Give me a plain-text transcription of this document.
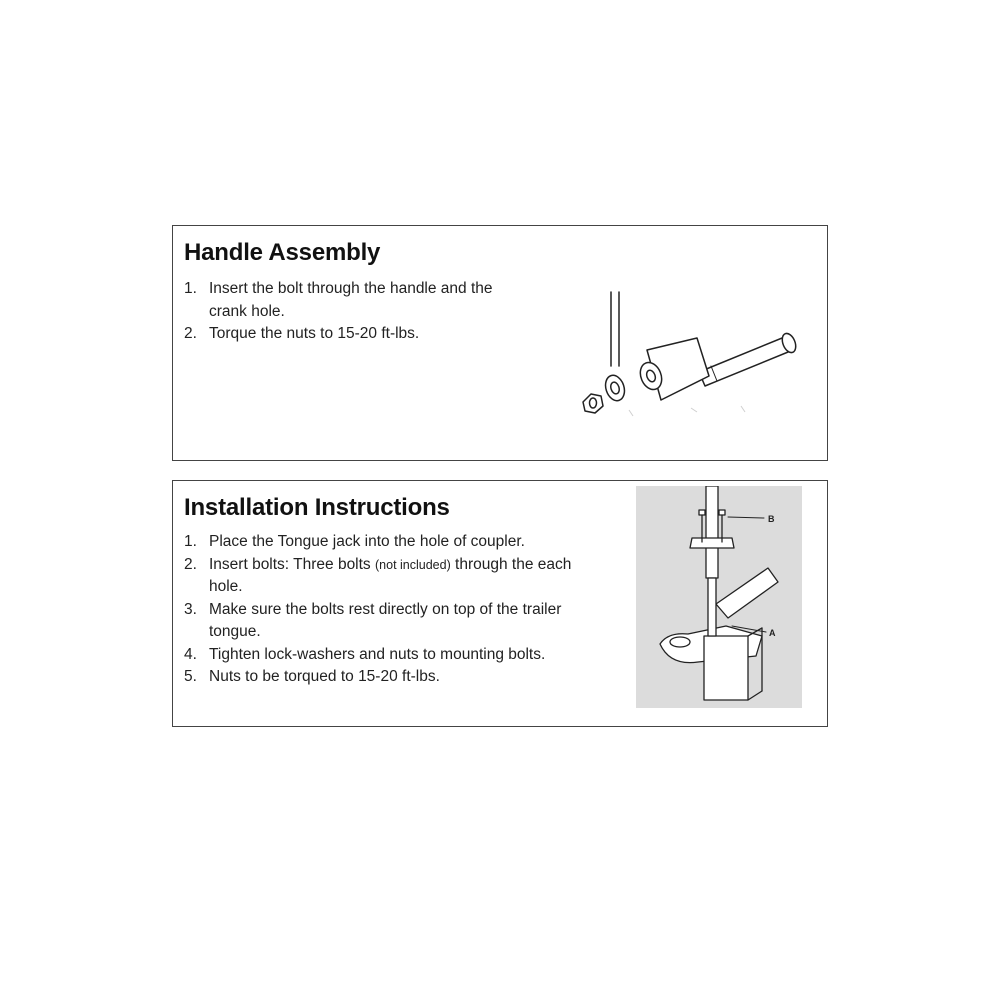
Handle Assembly
1. Insert the bolt through the handle and the crank hole.
2. Torque the nuts to 15-20 ft-lbs.
Installation Instructions
1. Place the Tongue jack into the hole of coupler.
2. Insert bolts: Three bolts (not included) through the each hole.
3. Make sure the bolts rest directly on top of the trailer tongue.
4. Tighten lock-washers and nuts to mounting bolts.
5. Nuts to be torqued to 15-20 ft-lbs.
B
A
